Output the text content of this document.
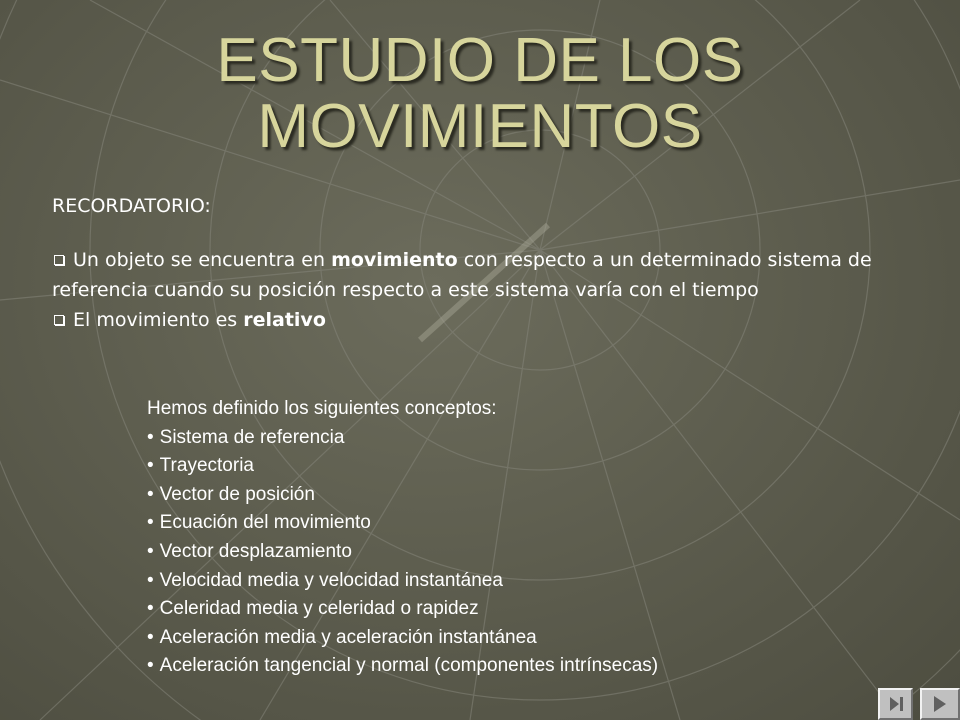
ESTUDIO DE LOS
MOVIMIENTOS
RECORDATORIO:
Un objeto se encuentra en movimiento con respecto a un determinado sistema de referencia cuando su posición respecto a este sistema varía con el tiempo
El movimiento es relativo
Hemos definido los siguientes conceptos:
• Sistema de referencia
• Trayectoria
• Vector de posición
• Ecuación del movimiento
• Vector desplazamiento
• Velocidad media y velocidad instantánea
• Celeridad media y celeridad o rapidez
• Aceleración media y aceleración instantánea
• Aceleración tangencial y normal (componentes intrínsecas)
